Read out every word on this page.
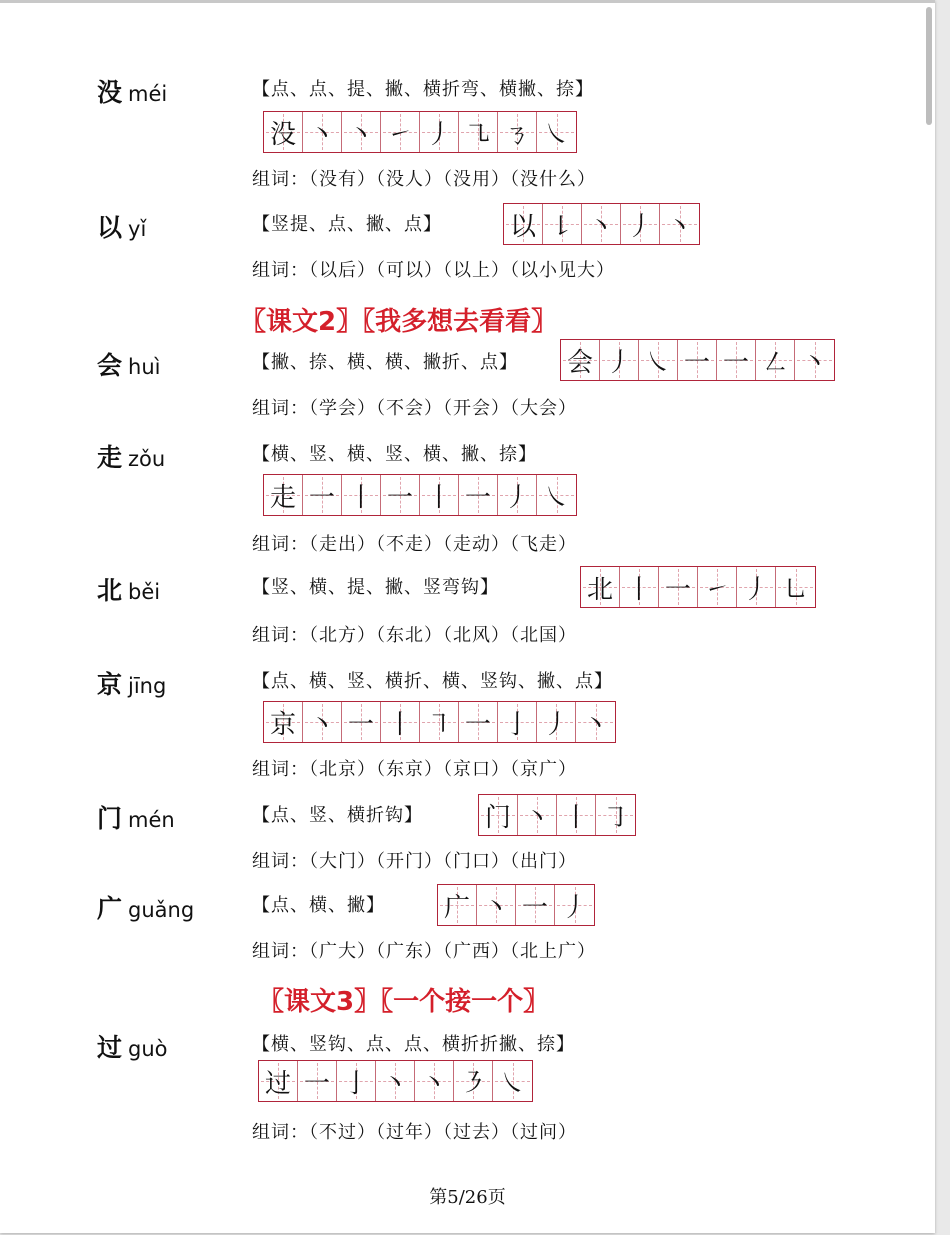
没 méi	【点、点、提、撇、横折弯、横撇、捺】
没 丶 丶 ㇀ 丿 ㇈ ㄋ ㇏
组词：（没有）（没人）（没用）（没什么）
以 yǐ	【竖提、点、撇、点】	以 ㇙ 丶 丿 丶
组词：（以后）（可以）（以上）（以小见大）
会 huì	【撇、捺、横、横、撇折、点】 会 丿 ㇏ 一 一 ㇜ 丶
组词：（学会）（不会）（开会）（大会）
走 zǒu	【横、竖、横、竖、横、撇、捺】
走 一 丨 一 丨 一 丿 ㇏
组词：（走出）（不走）（走动）（飞走）
北 běi	【竖、横、提、撇、竖弯钩】	北 丨 一 ㇀ 丿 ㇟
组词：（北方）（东北）（北风）（北国）
京 jīng	【点、横、竖、横折、横、竖钩、撇、点】
京 丶 一 丨 ㇕ 一 亅 丿 丶
组词：（北京）（东京）（京口）（京广）
门 mén	【点、竖、横折钩】 门 丶 丨 ㇆
组词：（大门）（开门）（门口）（出门）
广 guǎng	【点、横、撇】 广 丶 一 丿
组词：（广大）（广东）（广西）（北上广）
过 guò	【横、竖钩、点、点、横折折撇、捺】
过 一 亅 丶 丶 ㇋ ㇏
组词：（不过）（过年）（过去）（过问）
〖课文2〗〖我多想去看看〗
〖课文3〗〖一个接一个〗
第5/26页
